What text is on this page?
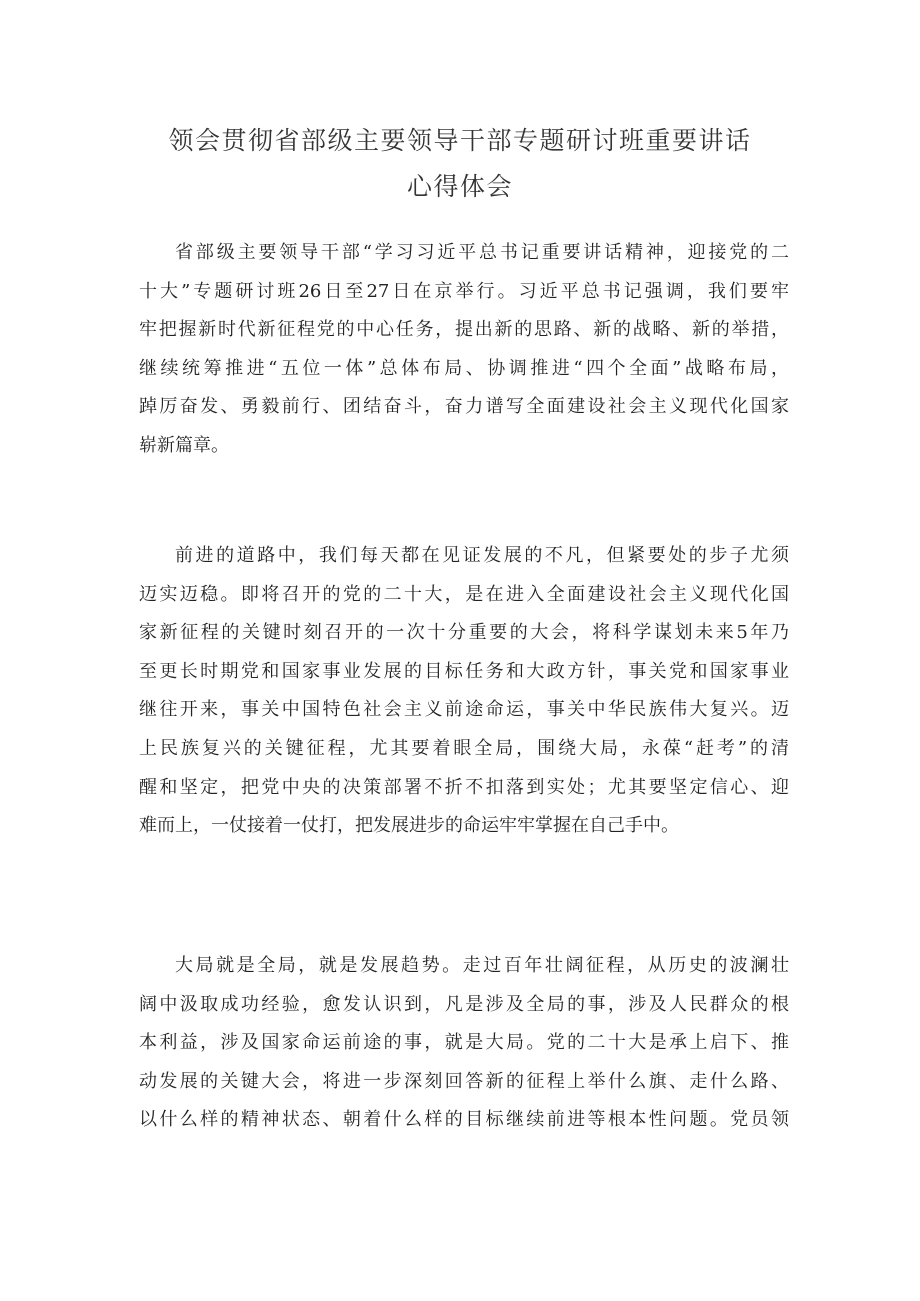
领会贯彻省部级主要领导干部专题研讨班重要讲话
心得体会
省部级主要领导干部“学习习近平总书记重要讲话精神，迎接党的二
十大”专题研讨班26日至27日在京举行。习近平总书记强调，我们要牢
牢把握新时代新征程党的中心任务，提出新的思路、新的战略、新的举措，
继续统筹推进“五位一体”总体布局、协调推进“四个全面”战略布局，
踔厉奋发、勇毅前行、团结奋斗，奋力谱写全面建设社会主义现代化国家
崭新篇章。
前进的道路中，我们每天都在见证发展的不凡，但紧要处的步子尤须
迈实迈稳。即将召开的党的二十大，是在进入全面建设社会主义现代化国
家新征程的关键时刻召开的一次十分重要的大会，将科学谋划未来5年乃
至更长时期党和国家事业发展的目标任务和大政方针，事关党和国家事业
继往开来，事关中国特色社会主义前途命运，事关中华民族伟大复兴。迈
上民族复兴的关键征程，尤其要着眼全局，围绕大局，永葆“赶考”的清
醒和坚定，把党中央的决策部署不折不扣落到实处；尤其要坚定信心、迎
难而上，一仗接着一仗打，把发展进步的命运牢牢掌握在自己手中。
大局就是全局，就是发展趋势。走过百年壮阔征程，从历史的波澜壮
阔中汲取成功经验，愈发认识到，凡是涉及全局的事，涉及人民群众的根
本利益，涉及国家命运前途的事，就是大局。党的二十大是承上启下、推
动发展的关键大会，将进一步深刻回答新的征程上举什么旗、走什么路、
以什么样的精神状态、朝着什么样的目标继续前进等根本性问题。党员领
